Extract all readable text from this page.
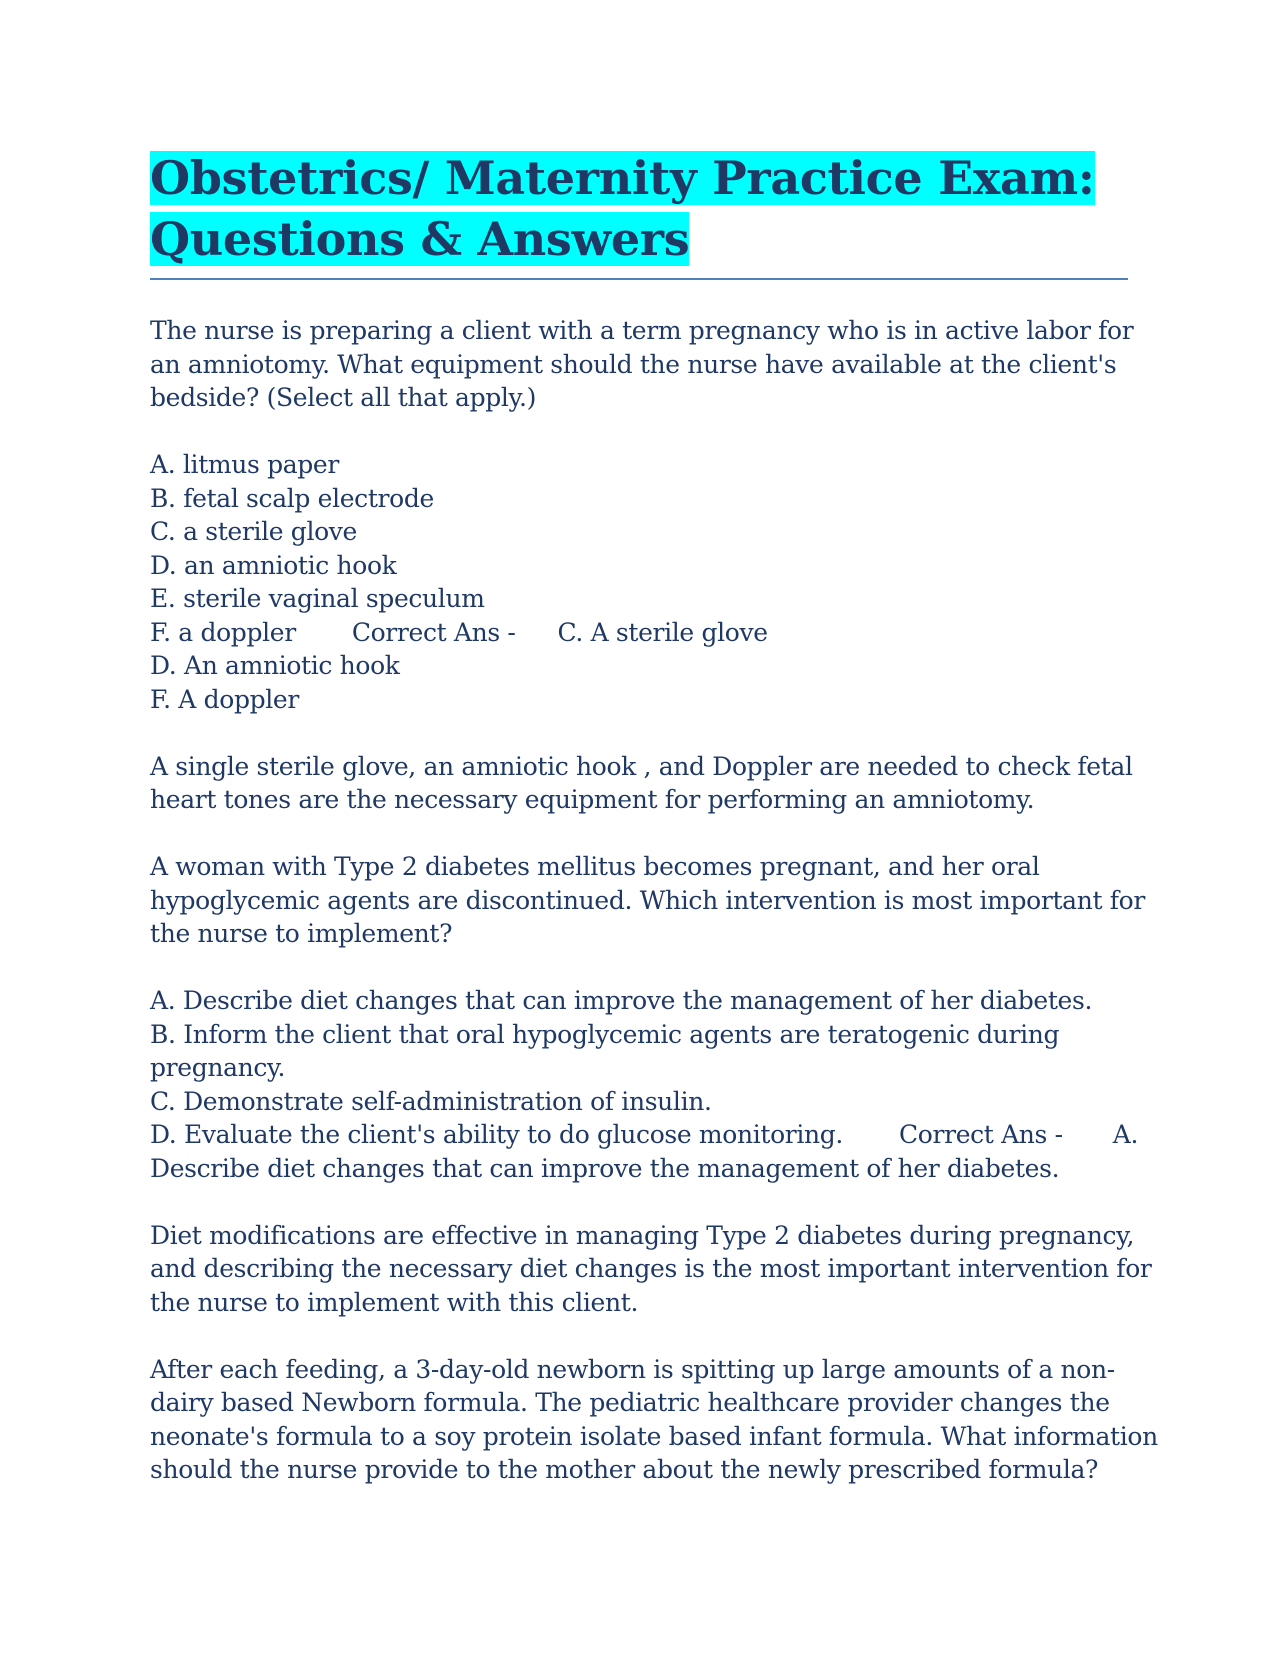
Obstetrics/ Maternity Practice Exam:
Questions & Answers
The nurse is preparing a client with a term pregnancy who is in active labor for
an amniotomy. What equipment should the nurse have available at the client's
bedside? (Select all that apply.)
A. litmus paper
B. fetal scalp electrode
C. a sterile glove
D. an amniotic hook
E. sterile vaginal speculum
F. a doppler Correct Ans - C. A sterile glove
D. An amniotic hook
F. A doppler
A single sterile glove, an amniotic hook , and Doppler are needed to check fetal
heart tones are the necessary equipment for performing an amniotomy.
A woman with Type 2 diabetes mellitus becomes pregnant, and her oral
hypoglycemic agents are discontinued. Which intervention is most important for
the nurse to implement?
A. Describe diet changes that can improve the management of her diabetes.
B. Inform the client that oral hypoglycemic agents are teratogenic during
pregnancy.
C. Demonstrate self-administration of insulin.
D. Evaluate the client's ability to do glucose monitoring. Correct Ans - A.
Describe diet changes that can improve the management of her diabetes.
Diet modifications are effective in managing Type 2 diabetes during pregnancy,
and describing the necessary diet changes is the most important intervention for
the nurse to implement with this client.
After each feeding, a 3-day-old newborn is spitting up large amounts of a non-
dairy based Newborn formula. The pediatric healthcare provider changes the
neonate's formula to a soy protein isolate based infant formula. What information
should the nurse provide to the mother about the newly prescribed formula?
